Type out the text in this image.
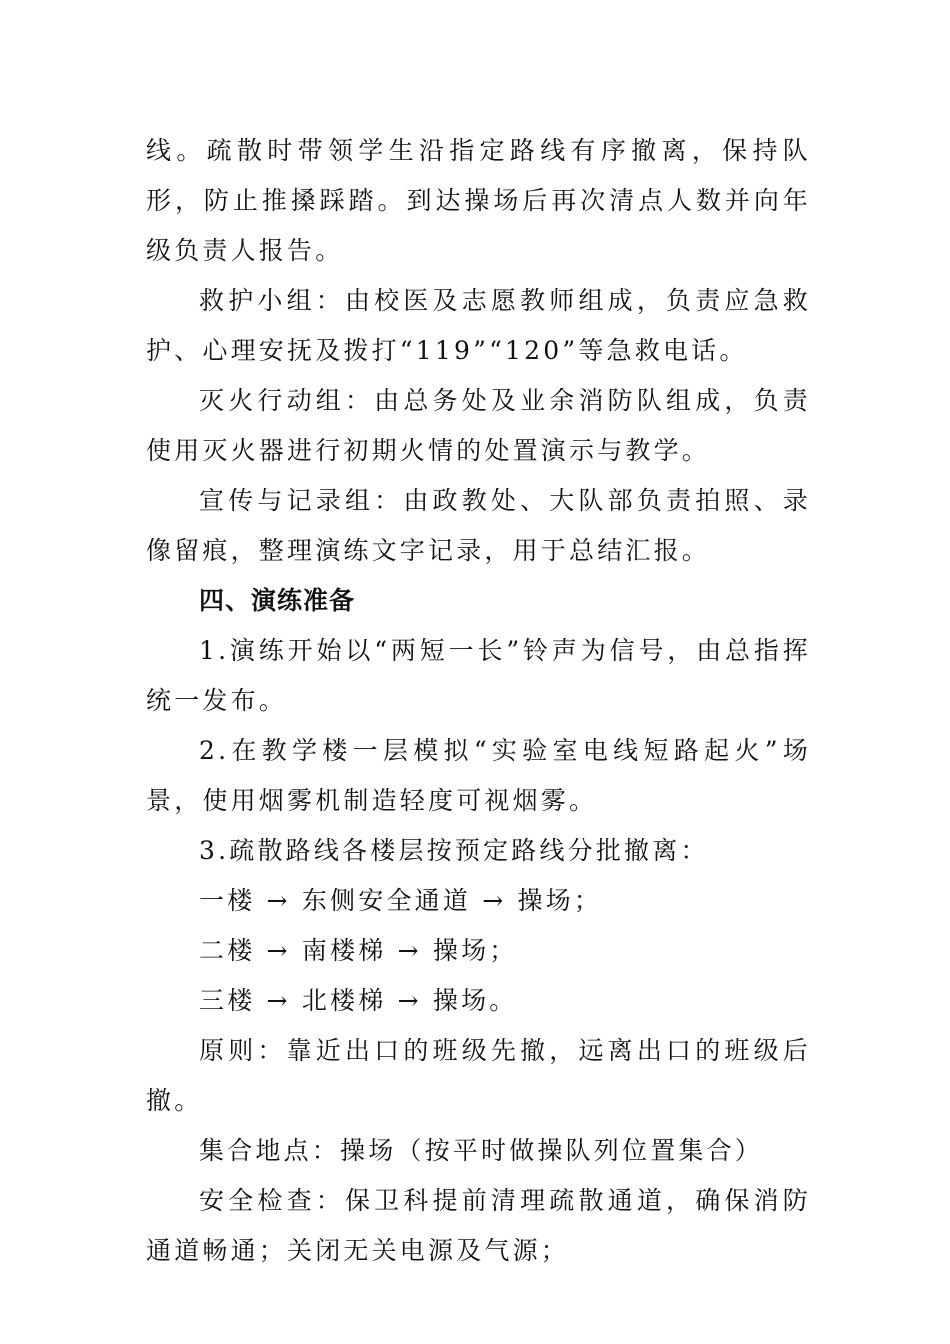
线。疏散时带领学生沿指定路线有序撤离，保持队形，防止推搡踩踏。到达操场后再次清点人数并向年级负责人报告。

救护小组：由校医及志愿教师组成，负责应急救护、心理安抚及拨打“119”“120”等急救电话。

灭火行动组：由总务处及业余消防队组成，负责使用灭火器进行初期火情的处置演示与教学。

宣传与记录组：由政教处、大队部负责拍照、录像留痕，整理演练文字记录，用于总结汇报。

四、演练准备

1.演练开始以“两短一长”铃声为信号，由总指挥统一发布。

2.在教学楼一层模拟“实验室电线短路起火”场景，使用烟雾机制造轻度可视烟雾。

3.疏散路线各楼层按预定路线分批撤离：

一楼 → 东侧安全通道 → 操场；

二楼 → 南楼梯 → 操场；

三楼 → 北楼梯 → 操场。

原则：靠近出口的班级先撤，远离出口的班级后撤。

集合地点：操场（按平时做操队列位置集合）

安全检查：保卫科提前清理疏散通道，确保消防通道畅通；关闭无关电源及气源；
